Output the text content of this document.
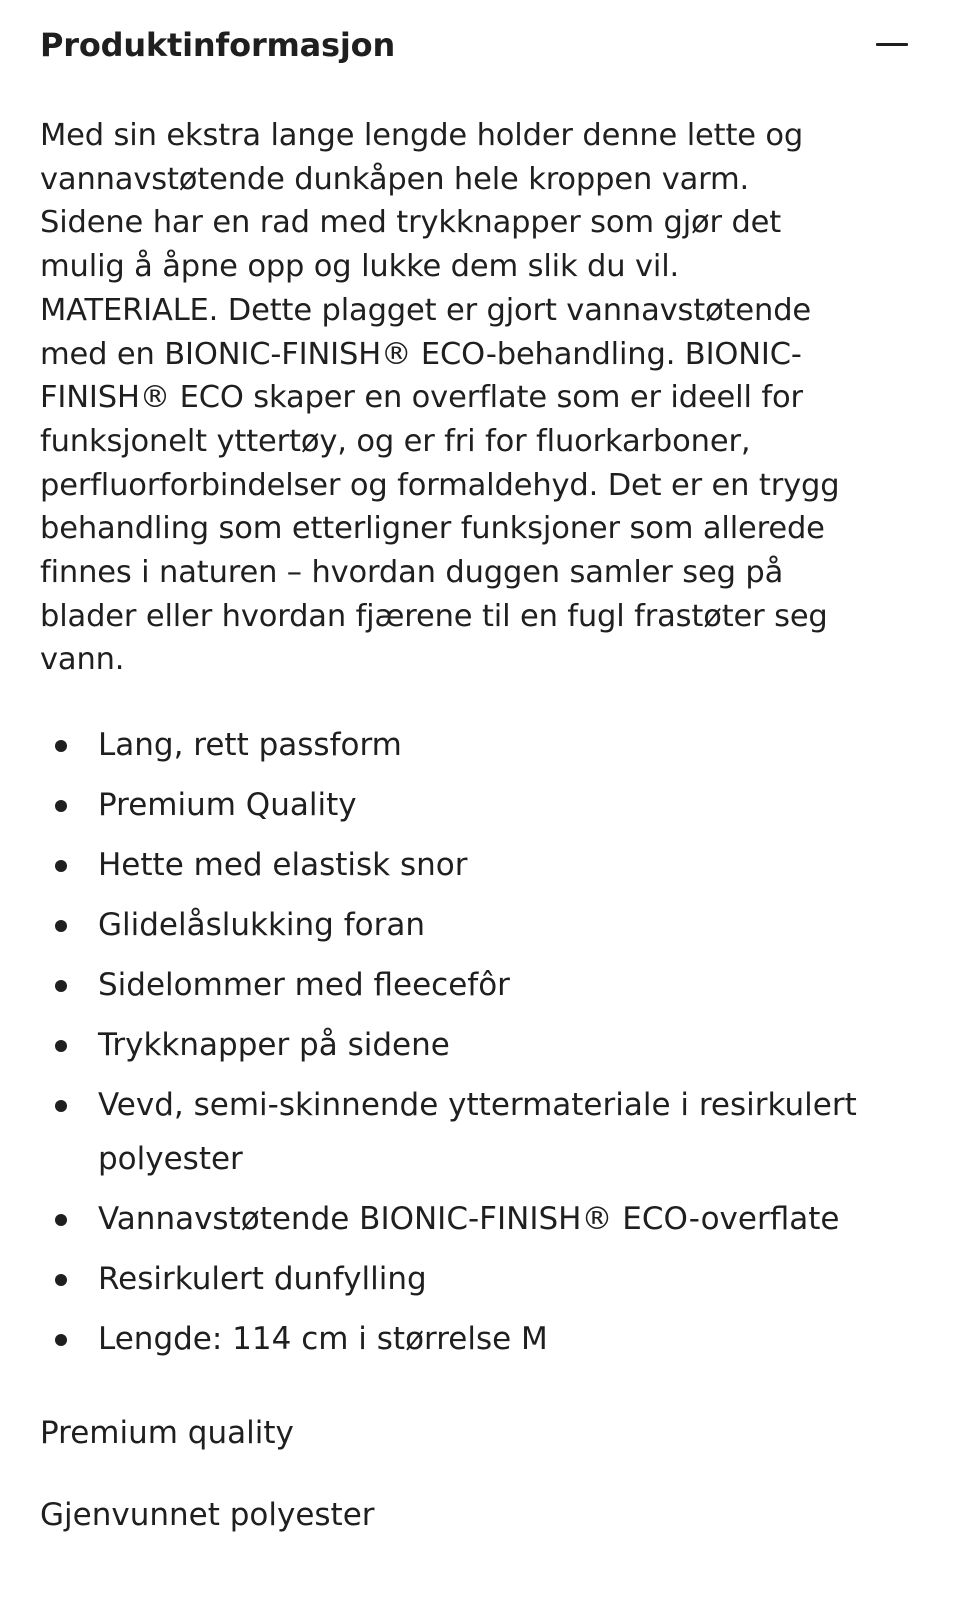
Produktinformasjon
Med sin ekstra lange lengde holder denne lette og
vannavstøtende dunkåpen hele kroppen varm.
Sidene har en rad med trykknapper som gjør det
mulig å åpne opp og lukke dem slik du vil.
MATERIALE. Dette plagget er gjort vannavstøtende
med en BIONIC-FINISH® ECO-behandling. BIONIC-
FINISH® ECO skaper en overflate som er ideell for
funksjonelt yttertøy, og er fri for fluorkarboner,
perfluorforbindelser og formaldehyd. Det er en trygg
behandling som etterligner funksjoner som allerede
finnes i naturen – hvordan duggen samler seg på
blader eller hvordan fjærene til en fugl frastøter seg
vann.
Lang, rett passform
Premium Quality
Hette med elastisk snor
Glidelåslukking foran
Sidelommer med fleecefôr
Trykknapper på sidene
Vevd, semi-skinnende yttermateriale i resirkulert polyester
Vannavstøtende BIONIC-FINISH® ECO-overflate
Resirkulert dunfylling
Lengde: 114 cm i størrelse M
Premium quality
Gjenvunnet polyester
